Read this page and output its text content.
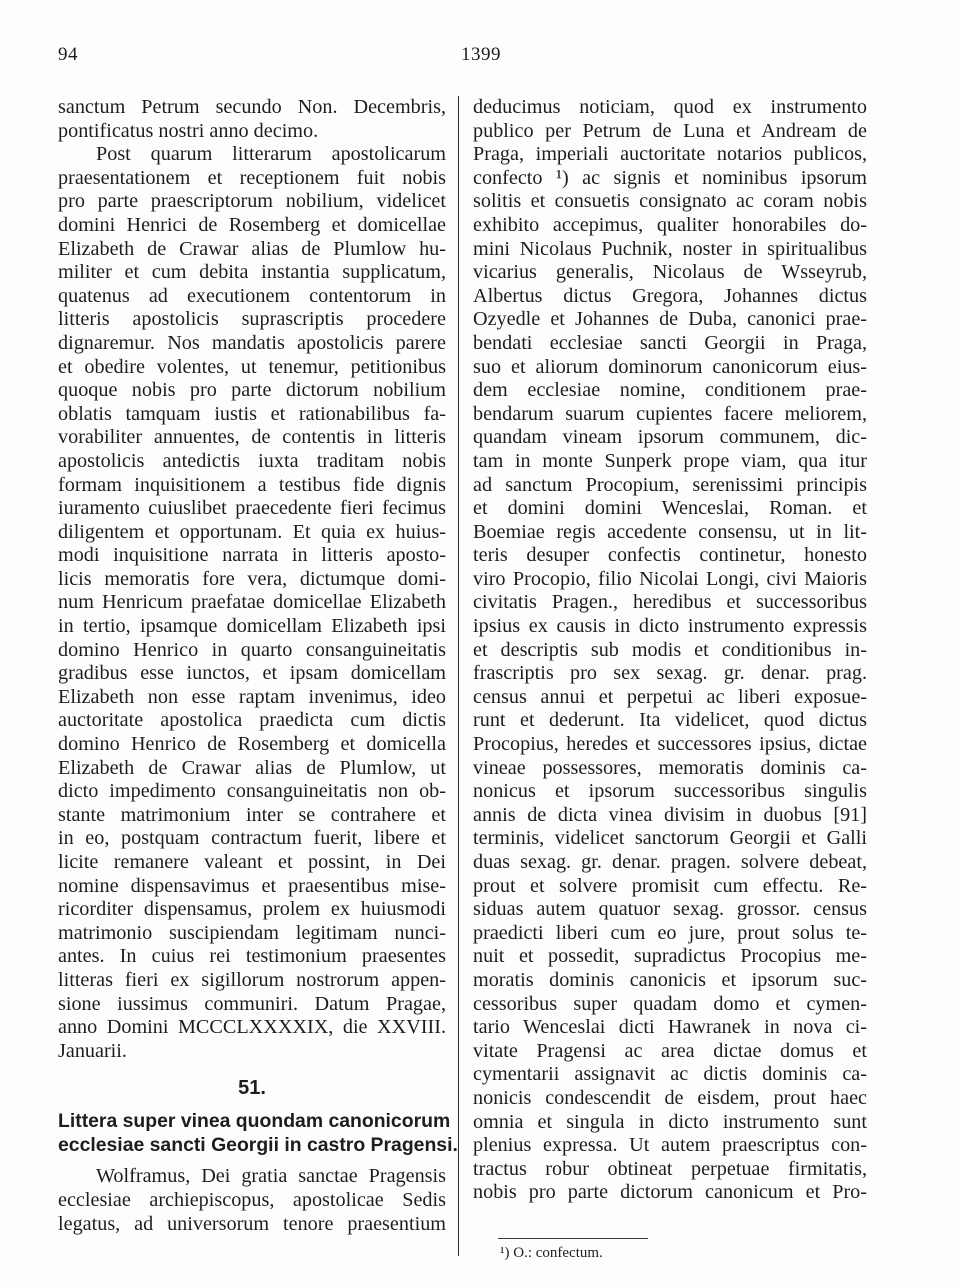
94	1399
sanctum Petrum secundo Non. Decembris,
pontificatus nostri anno decimo.
Post quarum litterarum apostolicarum
praesentationem et receptionem fuit nobis
pro parte praescriptorum nobilium, videlicet
domini Henrici de Rosemberg et domicellae
Elizabeth de Crawar alias de Plumlow hu-
militer et cum debita instantia supplicatum,
quatenus ad executionem contentorum in
litteris apostolicis suprascriptis procedere
dignaremur. Nos mandatis apostolicis parere
et obedire volentes, ut tenemur, petitionibus
quoque nobis pro parte dictorum nobilium
oblatis tamquam iustis et rationabilibus fa-
vorabiliter annuentes, de contentis in litteris
apostolicis antedictis iuxta traditam nobis
formam inquisitionem a testibus fide dignis
iuramento cuiuslibet praecedente fieri fecimus
diligentem et opportunam. Et quia ex huius-
modi inquisitione narrata in litteris aposto-
licis memoratis fore vera, dictumque domi-
num Henricum praefatae domicellae Elizabeth
in tertio, ipsamque domicellam Elizabeth ipsi
domino Henrico in quarto consanguineitatis
gradibus esse iunctos, et ipsam domicellam
Elizabeth non esse raptam invenimus, ideo
auctoritate apostolica praedicta cum dictis
domino Henrico de Rosemberg et domicella
Elizabeth de Crawar alias de Plumlow, ut
dicto impedimento consanguineitatis non ob-
stante matrimonium inter se contrahere et
in eo, postquam contractum fuerit, libere et
licite remanere valeant et possint, in Dei
nomine dispensavimus et praesentibus mise-
ricorditer dispensamus, prolem ex huiusmodi
matrimonio suscipiendam legitimam nunci-
antes. In cuius rei testimonium praesentes
litteras fieri ex sigillorum nostrorum appen-
sione iussimus communiri. Datum Pragae,
anno Domini MCCCLXXXXIX, die XXVIII.
Januarii.
51.
Littera super vinea quondam canonicorum
ecclesiae sancti Georgii in castro Pragensi.
Wolframus, Dei gratia sanctae Pragensis
ecclesiae archiepiscopus, apostolicae Sedis
legatus, ad universorum tenore praesentium
deducimus noticiam, quod ex instrumento
publico per Petrum de Luna et Andream de
Praga, imperiali auctoritate notarios publicos,
confecto ¹) ac signis et nominibus ipsorum
solitis et consuetis consignato ac coram nobis
exhibito accepimus, qualiter honorabiles do-
mini Nicolaus Puchnik, noster in spiritualibus
vicarius generalis, Nicolaus de Wsseyrub,
Albertus dictus Gregora, Johannes dictus
Ozyedle et Johannes de Duba, canonici prae-
bendati ecclesiae sancti Georgii in Praga,
suo et aliorum dominorum canonicorum eius-
dem ecclesiae nomine, conditionem prae-
bendarum suarum cupientes facere meliorem,
quandam vineam ipsorum communem, dic-
tam in monte Sunperk prope viam, qua itur
ad sanctum Procopium, serenissimi principis
et domini domini Wenceslai, Roman. et
Boemiae regis accedente consensu, ut in lit-
teris desuper confectis continetur, honesto
viro Procopio, filio Nicolai Longi, civi Maioris
civitatis Pragen., heredibus et successoribus
ipsius ex causis in dicto instrumento expressis
et descriptis sub modis et conditionibus in-
frascriptis pro sex sexag. gr. denar. prag.
census annui et perpetui ac liberi exposue-
runt et dederunt. Ita videlicet, quod dictus
Procopius, heredes et successores ipsius, dictae
vineae possessores, memoratis dominis ca-
nonicus et ipsorum successoribus singulis
annis de dicta vinea divisim in duobus [91]
terminis, videlicet sanctorum Georgii et Galli
duas sexag. gr. denar. pragen. solvere debeat,
prout et solvere promisit cum effectu. Re-
siduas autem quatuor sexag. grossor. census
praedicti liberi cum eo jure, prout solus te-
nuit et possedit, supradictus Procopius me-
moratis dominis canonicis et ipsorum suc-
cessoribus super quadam domo et cymen-
tario Wenceslai dicti Hawranek in nova ci-
vitate Pragensi ac area dictae domus et
cymentarii assignavit ac dictis dominis ca-
nonicis condescendit de eisdem, prout haec
omnia et singula in dicto instrumento sunt
plenius expressa. Ut autem praescriptus con-
tractus robur obtineat perpetuae firmitatis,
nobis pro parte dictorum canonicum et Pro-
¹) O.: confectum.
